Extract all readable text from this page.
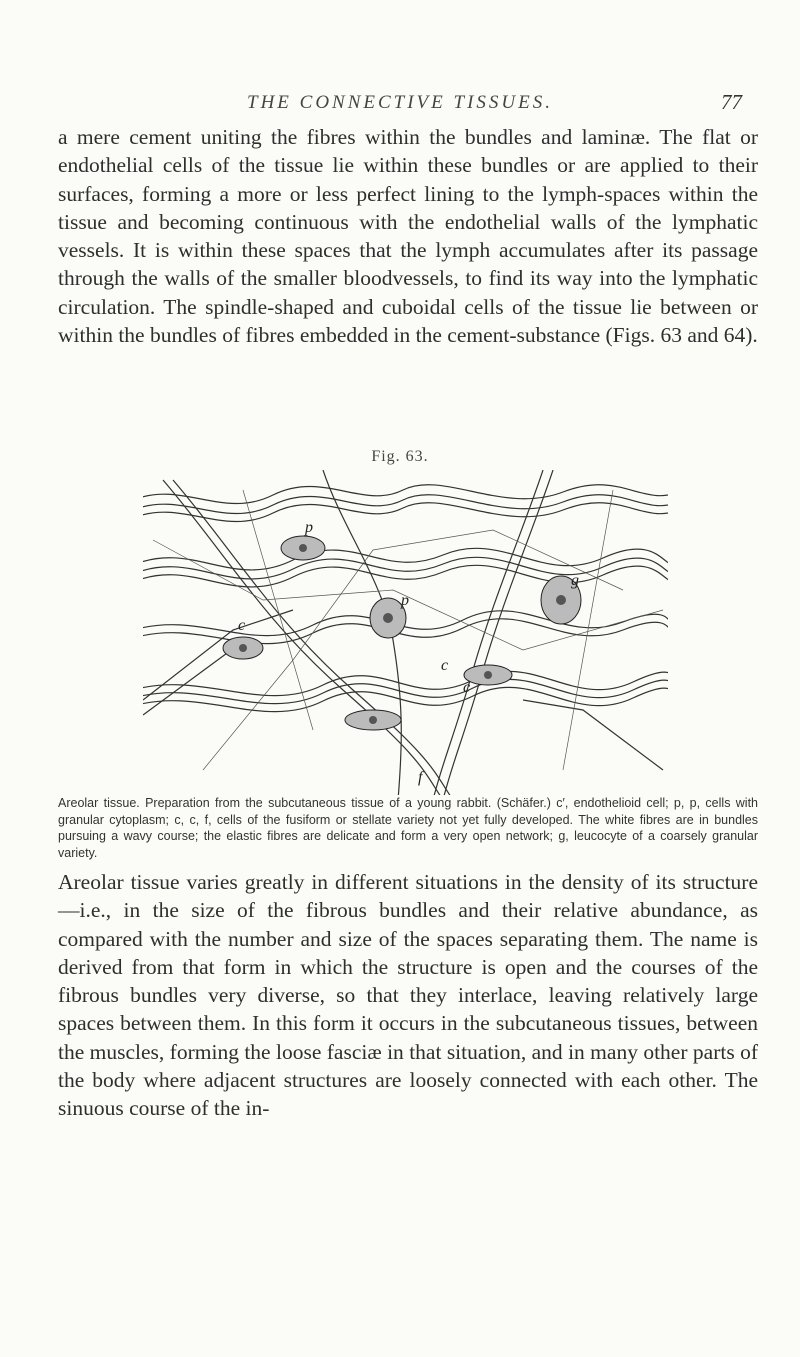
THE CONNECTIVE TISSUES.	77

a mere cement uniting the fibres within the bundles and laminæ. The flat or endothelial cells of the tissue lie within these bundles or are applied to their surfaces, forming a more or less perfect lining to the lymph-spaces within the tissue and becoming continuous with the endothelial walls of the lymphatic vessels. It is within these spaces that the lymph accumulates after its passage through the walls of the smaller bloodvessels, to find its way into the lymphatic circulation. The spindle-shaped and cuboidal cells of the tissue lie between or within the bundles of fibres embedded in the cement-substance (Figs. 63 and 64).

Fig. 63.
p
g
p
c
c
c
f
Areolar tissue. Preparation from the subcutaneous tissue of a young rabbit. (Schäfer.) c′, endothelioid cell; p, p, cells with granular cytoplasm; c, c, f, cells of the fusiform or stellate variety not yet fully developed. The white fibres are in bundles pursuing a wavy course; the elastic fibres are delicate and form a very open network; g, leucocyte of a coarsely granular variety.

Areolar tissue varies greatly in different situations in the density of its structure—i.e., in the size of the fibrous bundles and their relative abundance, as compared with the number and size of the spaces separating them. The name is derived from that form in which the structure is open and the courses of the fibrous bundles very diverse, so that they interlace, leaving relatively large spaces between them. In this form it occurs in the subcutaneous tissues, between the muscles, forming the loose fasciæ in that situation, and in many other parts of the body where adjacent structures are loosely connected with each other. The sinuous course of the in-
